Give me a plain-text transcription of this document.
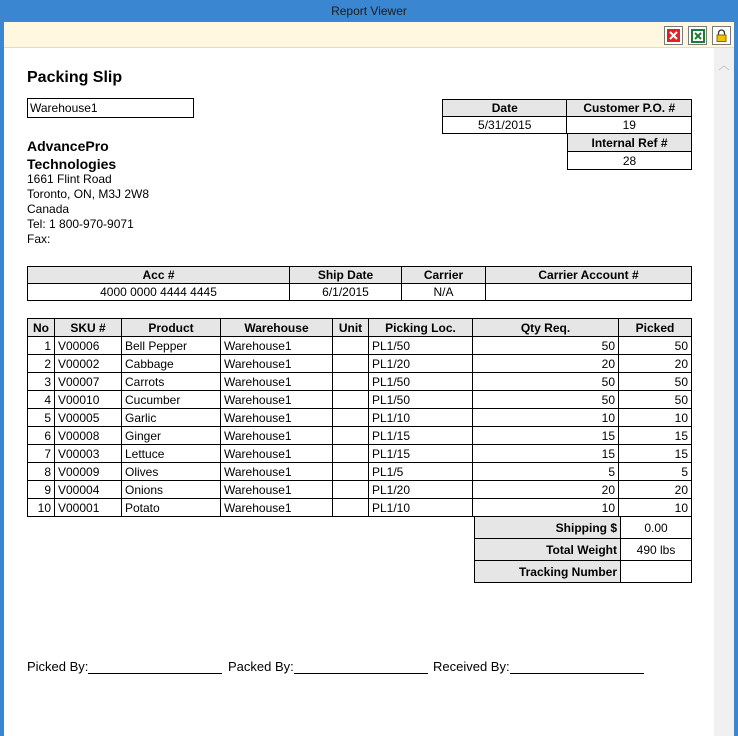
Report Viewer
︿
Packing Slip
Warehouse1
AdvancePro
Technologies
1661 Flint Road
Toronto, ON, M3J 2W8
Canada
Tel: 1 800-970-9071
Fax:
Date	Customer P.O. #
5/31/2015	19
Internal Ref #
28
Acc #	Ship Date	Carrier	Carrier Account #
4000 0000 4444 4445	6/1/2015	N/A	
No	SKU #	Product	Warehouse	Unit	Picking Loc.	Qty Req.	Picked
1	V00006	Bell Pepper	Warehouse1		PL1/50	50	50
2	V00002	Cabbage	Warehouse1		PL1/20	20	20
3	V00007	Carrots	Warehouse1		PL1/50	50	50
4	V00010	Cucumber	Warehouse1		PL1/50	50	50
5	V00005	Garlic	Warehouse1		PL1/10	10	10
6	V00008	Ginger	Warehouse1		PL1/15	15	15
7	V00003	Lettuce	Warehouse1		PL1/15	15	15
8	V00009	Olives	Warehouse1		PL1/5	5	5
9	V00004	Onions	Warehouse1		PL1/20	20	20
10	V00001	Potato	Warehouse1		PL1/10	10	10
Shipping $	0.00
Total Weight	490 lbs
Tracking Number	
Picked By:	Packed By:	Received By:
